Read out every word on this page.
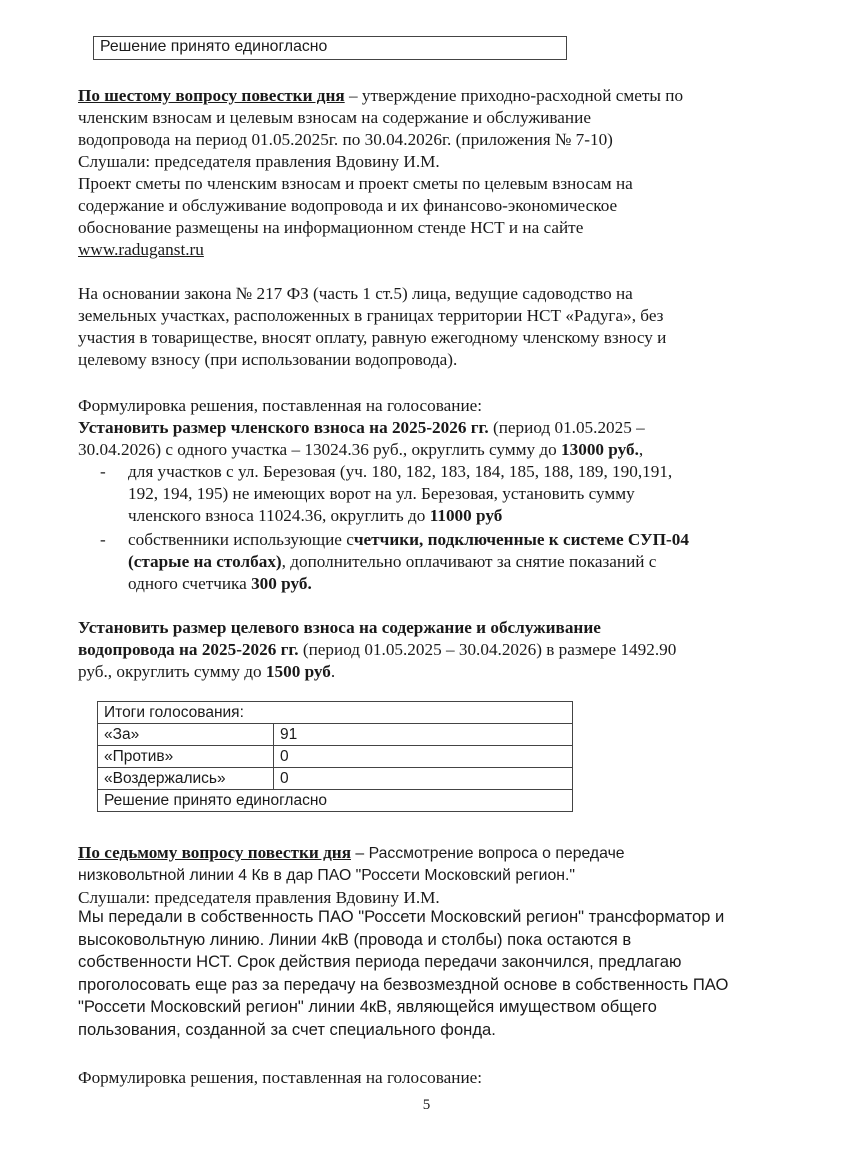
Решение принято единогласно
По шестому вопросу повестки дня – утверждение приходно-расходной сметы по
членским взносам и целевым взносам на содержание и обслуживание
водопровода на период 01.05.2025г. по 30.04.2026г. (приложения № 7-10)
Слушали: председателя правления Вдовину И.М.
Проект сметы по членским взносам и проект сметы по целевым взносам на
содержание и обслуживание водопровода и их финансово-экономическое
обоснование размещены на информационном стенде НСТ и на сайте
www.raduganst.ru
На основании закона № 217 ФЗ (часть 1 ст.5) лица, ведущие садоводство на
земельных участках, расположенных в границах территории НСТ «Радуга», без
участия в товариществе, вносят оплату, равную ежегодному членскому взносу и
целевому взносу (при использовании водопровода).
Формулировка решения, поставленная на голосование:
Установить размер членского взноса на 2025-2026 гг. (период 01.05.2025 –
30.04.2026) с одного участка – 13024.36 руб., округлить сумму до 13000 руб.,
- для участков с ул. Березовая (уч. 180, 182, 183, 184, 185, 188, 189, 190,191,
192, 194, 195) не имеющих ворот на ул. Березовая, установить сумму
членского взноса 11024.36, округлить до 11000 руб
- собственники использующие счетчики, подключенные к системе СУП-04
(старые на столбах), дополнительно оплачивают за снятие показаний с
одного счетчика 300 руб.
Установить размер целевого взноса на содержание и обслуживание
водопровода на 2025-2026 гг. (период 01.05.2025 – 30.04.2026) в размере 1492.90
руб., округлить сумму до 1500 руб.
Итоги голосования:	
«За»	91
«Против»	0
«Воздержались»	0
Решение принято единогласно	
По седьмому вопросу повестки дня – Рассмотрение вопроса о передаче
низковольтной линии 4 Кв в дар ПАО "Россети Московский регион."
Слушали: председателя правления Вдовину И.М.
Мы передали в собственность ПАО "Россети Московский регион" трансформатор и
высоковольтную линию. Линии 4кВ (провода и столбы) пока остаются в
собственности НСТ. Срок действия периода передачи закончился, предлагаю
проголосовать еще раз за передачу на безвозмездной основе в собственность ПАО
"Россети Московский регион" линии 4кВ, являющейся имуществом общего
пользования, созданной за счет специального фонда.
Формулировка решения, поставленная на голосование:
5
